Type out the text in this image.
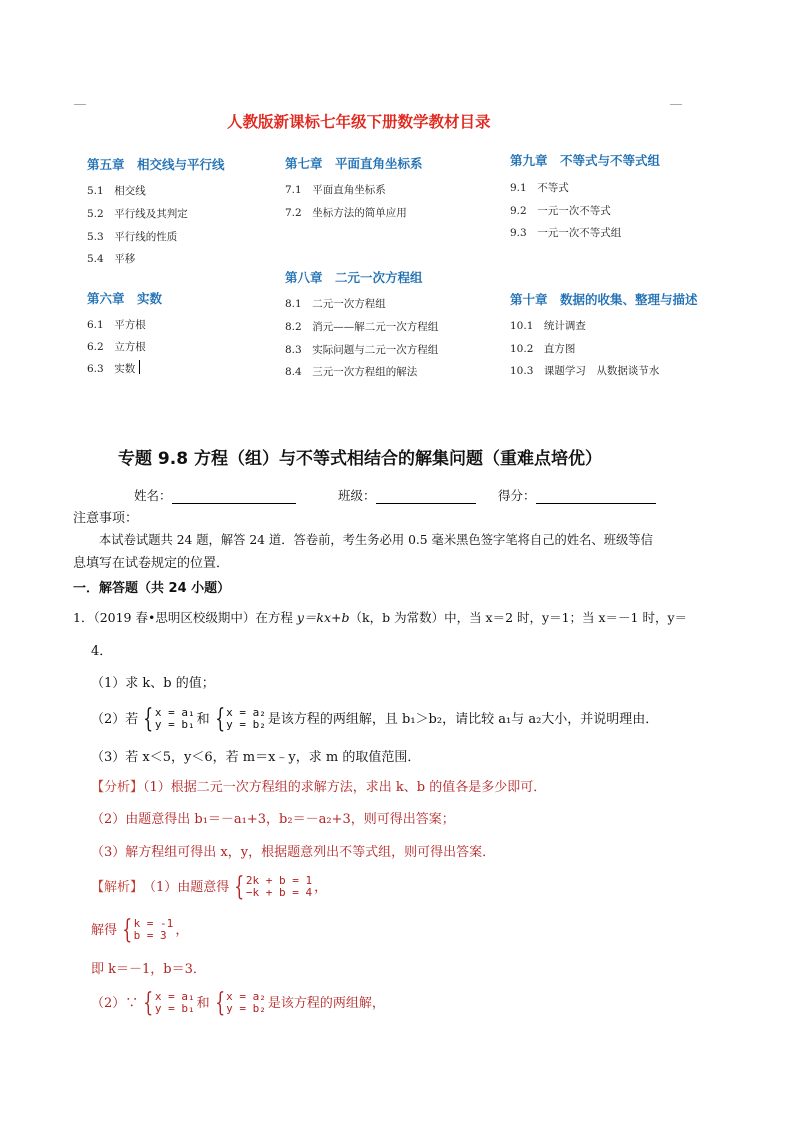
人教版新课标七年级下册数学教材目录
第五章　相交线与平行线
5.1　相交线
5.2　平行线及其判定
5.3　平行线的性质
5.4　平移
第六章　实数
6.1　平方根
6.2　立方根
6.3　实数
第七章　平面直角坐标系
7.1　平面直角坐标系
7.2　坐标方法的简单应用
第八章　二元一次方程组
8.1　二元一次方程组
8.2　消元——解二元一次方程组
8.3　实际问题与二元一次方程组
8.4　三元一次方程组的解法
第九章　不等式与不等式组
9.1　不等式
9.2　一元一次不等式
9.3　一元一次不等式组
第十章　数据的收集、整理与描述
10.1　统计调查
10.2　直方图
10.3　课题学习　从数据谈节水
专题 9.8 方程（组）与不等式相结合的解集问题（重难点培优）
姓名：	班级：	得分：
注意事项：
本试卷试题共 24 题，解答 24 道．答卷前，考生务必用 0.5 毫米黑色签字笔将自己的姓名、班级等信
息填写在试卷规定的位置．
一．解答题（共 24 小题）
1．（2019 春•思明区校级期中）在方程 y＝kx+b（k，b 为常数）中，当 x＝2 时，y＝1；当 x＝－1 时，y＝
4．
（1）求 k、b 的值；
（2）若 { x = a₁
y = b₁ 和 { x = a₂
y = b₂ 是该方程的两组解，且 b₁＞b₂，请比较 a₁与 a₂大小，并说明理由．
（3）若 x＜5，y＜6，若 m＝x﹣y，求 m 的取值范围．
【分析】（1）根据二元一次方程组的求解方法，求出 k、b 的值各是多少即可．
（2）由题意得出 b₁＝－a₁+3，b₂＝－a₂+3，则可得出答案；
（3）解方程组可得出 x，y，根据题意列出不等式组，则可得出答案．
【解析】 （1）由题意得 { 2k + b = 1
−k + b = 4 ，
解得 { k = -1
b = 3 ，
即 k＝－1，b＝3．
（2）∵ { x = a₁
y = b₁ 和 { x = a₂
y = b₂ 是该方程的两组解，
